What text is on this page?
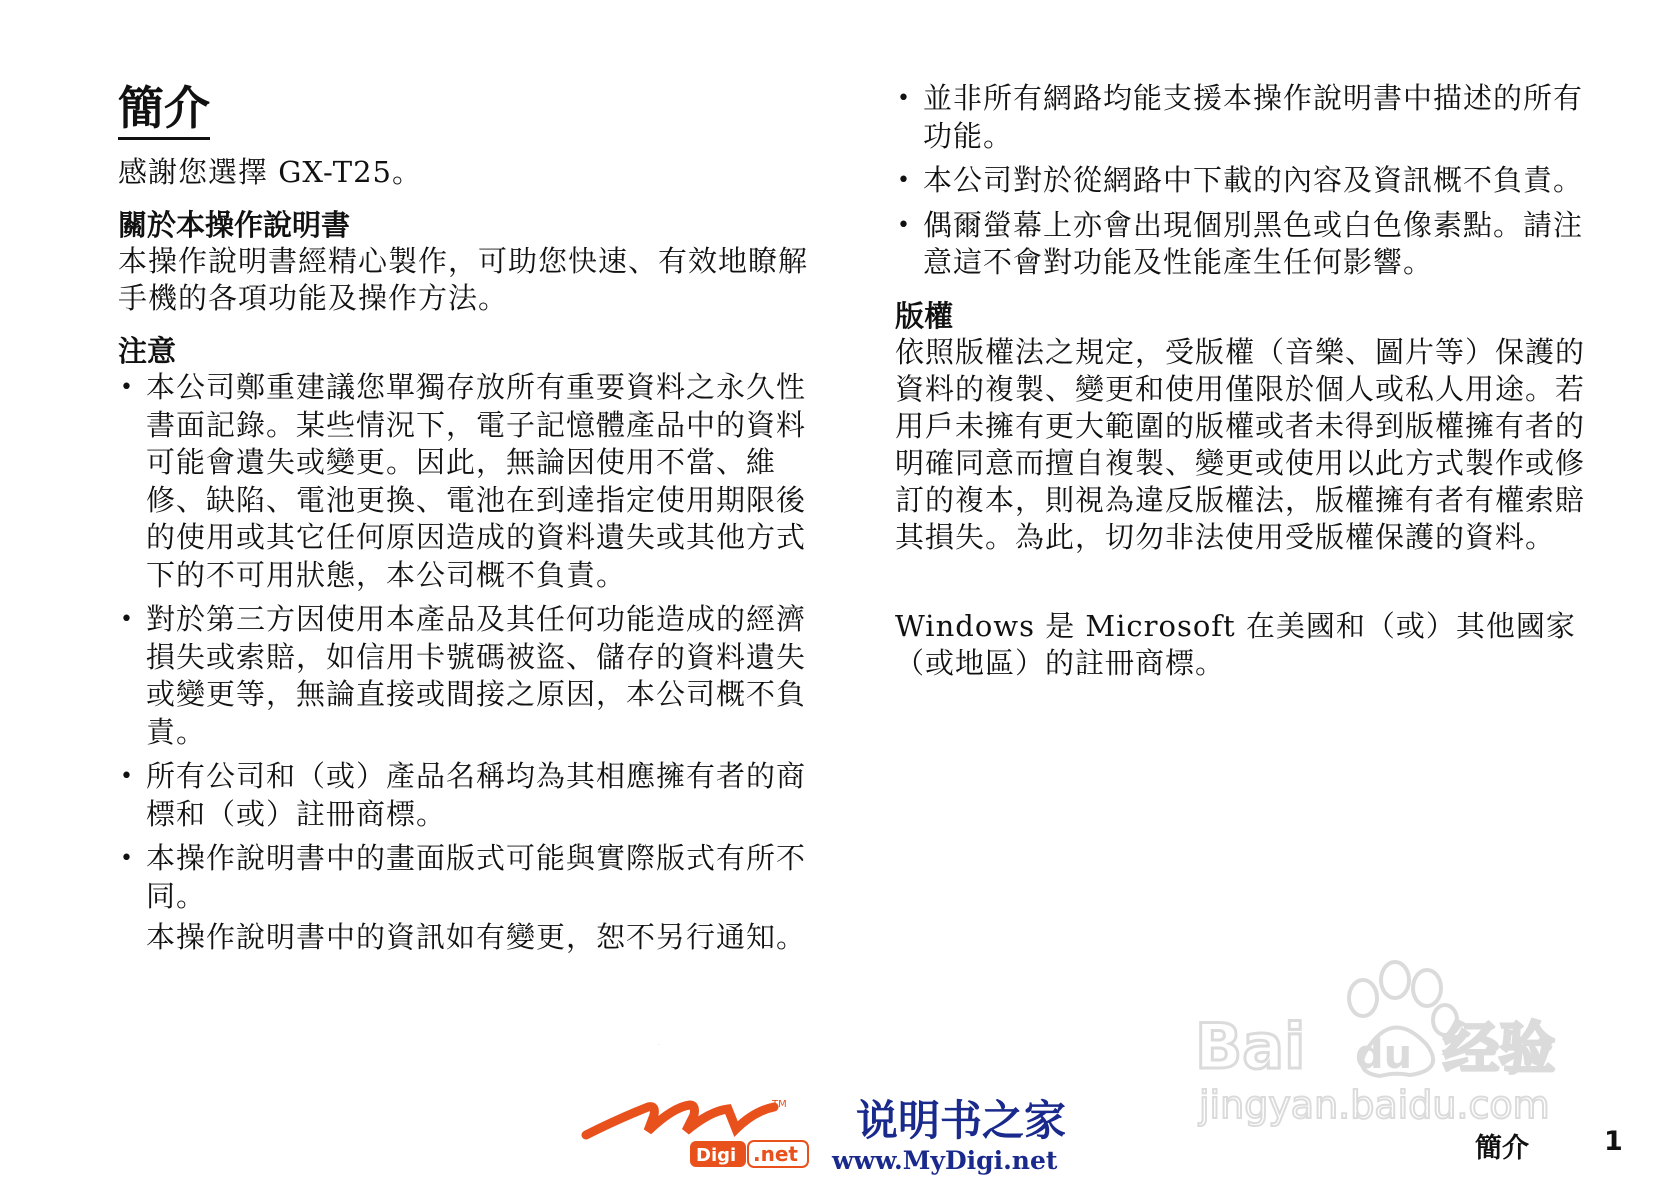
簡介

感謝您選擇 GX-T25。

關於本操作說明書

本操作說明書經精心製作，可助您快速、有效地瞭解手機的各項功能及操作方法。

注意
• 本公司鄭重建議您單獨存放所有重要資料之永久性書面記錄。某些情況下，電子記憶體產品中的資料可能會遺失或變更。因此，無論因使用不當、維修、缺陷、電池更換、電池在到達指定使用期限後的使用或其它任何原因造成的資料遺失或其他方式下的不可用狀態，本公司概不負責。
• 對於第三方因使用本產品及其任何功能造成的經濟損失或索賠，如信用卡號碼被盜、儲存的資料遺失或變更等，無論直接或間接之原因，本公司概不負責。
• 所有公司和（或）產品名稱均為其相應擁有者的商標和（或）註冊商標。
• 本操作說明書中的畫面版式可能與實際版式有所不同。
本操作說明書中的資訊如有變更，恕不另行通知。
• 並非所有網路均能支援本操作說明書中描述的所有功能。
• 本公司對於從網路中下載的內容及資訊概不負責。
• 偶爾螢幕上亦會出現個別黑色或白色像素點。請注意這不會對功能及性能產生任何影響。
版權

依照版權法之規定，受版權（音樂、圖片等）保護的資料的複製、變更和使用僅限於個人或私人用途。若用戶未擁有更大範圍的版權或者未得到版權擁有者的明確同意而擅自複製、變更或使用以此方式製作或修訂的複本，則視為違反版權法，版權擁有者有權索賠其損失。為此，切勿非法使用受版權保護的資料。

Windows 是 Microsoft 在美國和（或）其他國家（或地區）的註冊商標。

Bai du 经验
jingyan.baidu.com
TM
MY
Digi .net
说明书之家
www.MyDigi.net	簡介	1
